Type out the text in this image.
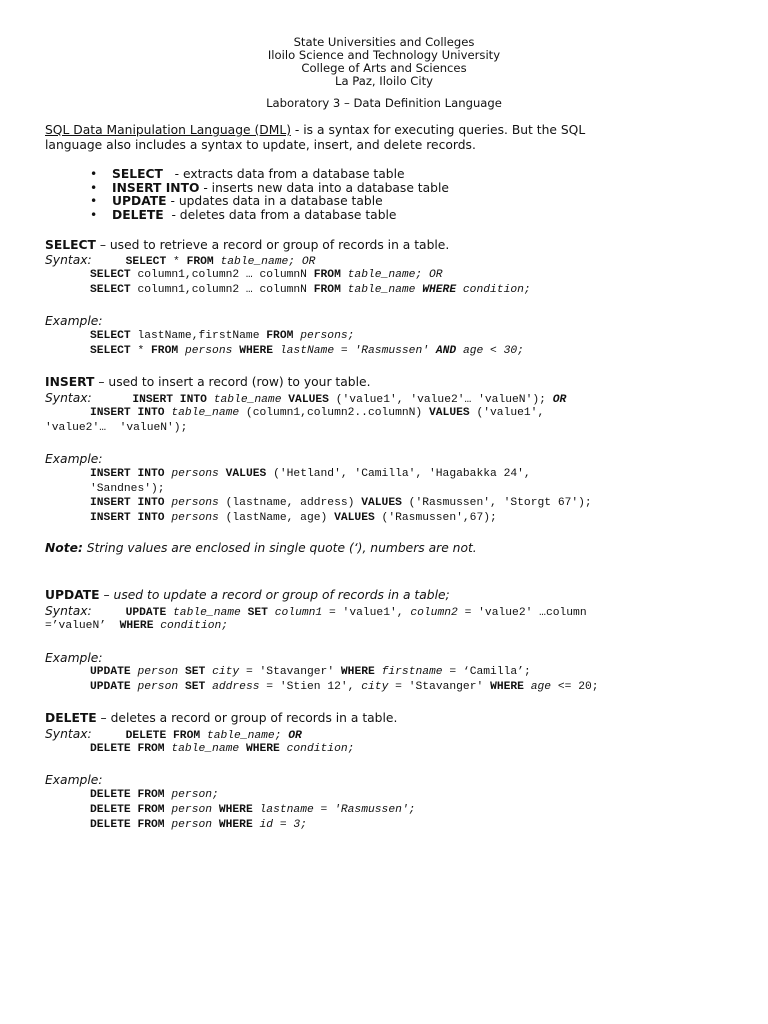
State Universities and Colleges
Iloilo Science and Technology University
College of Arts and Sciences
La Paz, Iloilo City
Laboratory 3 – Data Definition Language
SQL Data Manipulation Language (DML) - is a syntax for executing queries. But the SQL
language also includes a syntax to update, insert, and delete records.
• SELECT   - extracts data from a database table
• INSERT INTO - inserts new data into a database table
• UPDATE - updates data in a database table
• DELETE  - deletes data from a database table
SELECT – used to retrieve a record or group of records in a table.
Syntax:	SELECT * FROM table_name; OR
SELECT column1,column2 … columnN FROM table_name; OR
SELECT column1,column2 … columnN FROM table_name WHERE condition;
Example:
SELECT lastName,firstName FROM persons;
SELECT * FROM persons WHERE lastName = 'Rasmussen' AND age < 30;
INSERT – used to insert a record (row) to your table.
Syntax:	INSERT INTO table_name VALUES ('value1', 'value2'… 'valueN'); OR
INSERT INTO table_name (column1,column2..columnN) VALUES ('value1',
'value2'…  'valueN');
Example:
INSERT INTO persons VALUES ('Hetland', 'Camilla', 'Hagabakka 24',
'Sandnes');
INSERT INTO persons (lastname, address) VALUES ('Rasmussen', 'Storgt 67');
INSERT INTO persons (lastName, age) VALUES ('Rasmussen',67);
Note: String values are enclosed in single quote (‘), numbers are not.
UPDATE – used to update a record or group of records in a table;
Syntax:	UPDATE table_name SET column1 = 'value1', column2 = 'value2' …column
=’valueN’  WHERE condition;
Example:
UPDATE person SET city = 'Stavanger' WHERE firstname = ‘Camilla’;
UPDATE person SET address = 'Stien 12', city = 'Stavanger' WHERE age <= 20;
DELETE – deletes a record or group of records in a table.
Syntax:	DELETE FROM table_name; OR
DELETE FROM table_name WHERE condition;
Example:
DELETE FROM person;
DELETE FROM person WHERE lastname = 'Rasmussen';
DELETE FROM person WHERE id = 3;
